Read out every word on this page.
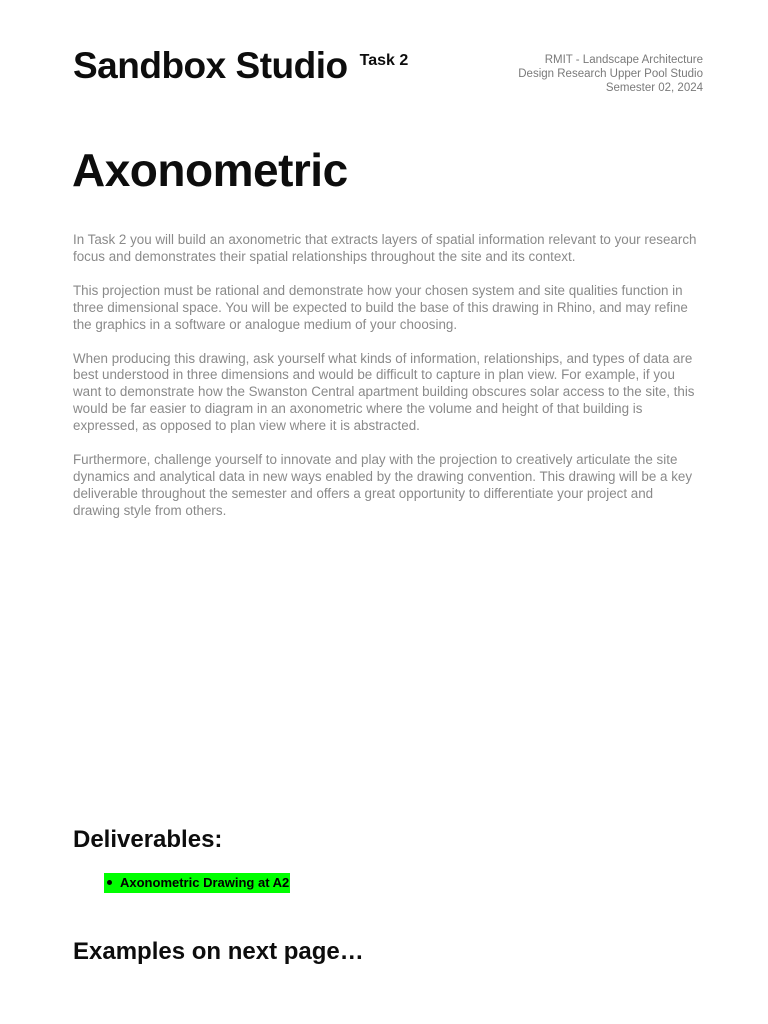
Sandbox Studio Task 2	RMIT - Landscape Architecture
Design Research Upper Pool Studio
Semester 02, 2024
Axonometric

In Task 2 you will build an axonometric that extracts layers of spatial information relevant to your research focus and demonstrates their spatial relationships throughout the site and its context.

This projection must be rational and demonstrate how your chosen system and site qualities function in three dimensional space. You will be expected to build the base of this drawing in Rhino, and may refine the graphics in a software or analogue medium of your choosing.

When producing this drawing, ask yourself what kinds of information, relationships, and types of data are best understood in three dimensions and would be difficult to capture in plan view. For example, if you want to demonstrate how the Swanston Central apartment building obscures solar access to the site, this would be far easier to diagram in an axonometric where the volume and height of that building is expressed, as opposed to plan view where it is abstracted.

Furthermore, challenge yourself to innovate and play with the projection to creatively articulate the site dynamics and analytical data in new ways enabled by the drawing convention. This drawing will be a key deliverable throughout the semester and offers a great opportunity to differentiate your project and drawing style from others.

Deliverables:
Axonometric Drawing at A2
Examples on next page…
